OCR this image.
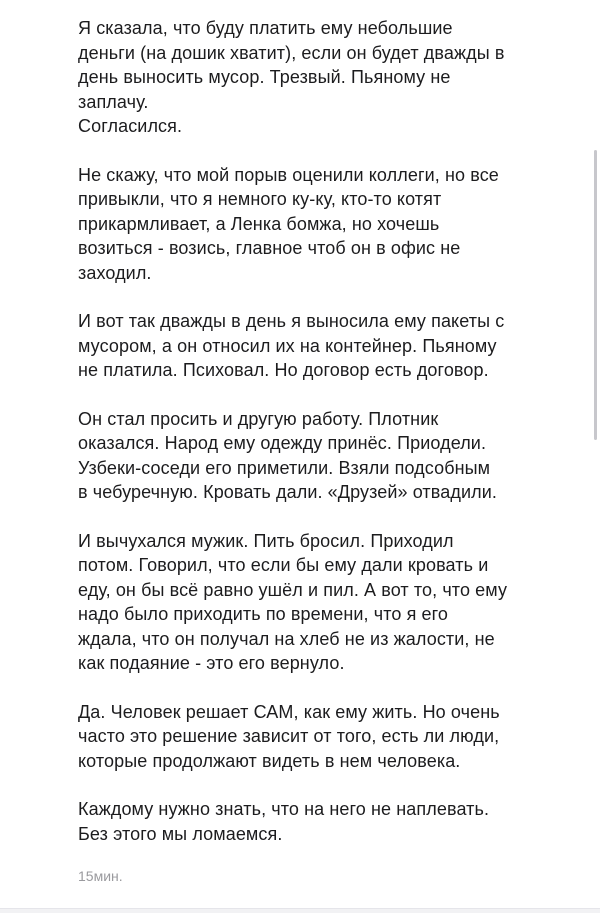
Я сказала, что буду платить ему небольшие
деньги (на дошик хватит), если он будет дважды в
день выносить мусор. Трезвый. Пьяному не
заплачу.
Согласился.

Не скажу, что мой порыв оценили коллеги, но все
привыкли, что я немного ку-ку, кто-то котят
прикармливает, а Ленка бомжа, но хочешь
возиться - возись, главное чтоб он в офис не
заходил.

И вот так дважды в день я выносила ему пакеты с
мусором, а он относил их на контейнер. Пьяному
не платила. Психовал. Но договор есть договор.

Он стал просить и другую работу. Плотник
оказался. Народ ему одежду принёс. Приодели.
Узбеки-соседи его приметили. Взяли подсобным
в чебуречную. Кровать дали. «Друзей» отвадили.

И вычухался мужик. Пить бросил. Приходил
потом. Говорил, что если бы ему дали кровать и
еду, он бы всё равно ушёл и пил. А вот то, что ему
надо было приходить по времени, что я его
ждала, что он получал на хлеб не из жалости, не
как подаяние - это его вернуло.

Да. Человек решает САМ, как ему жить. Но очень
часто это решение зависит от того, есть ли люди,
которые продолжают видеть в нем человека.

Каждому нужно знать, что на него не наплевать.
Без этого мы ломаемся.

15мин.
